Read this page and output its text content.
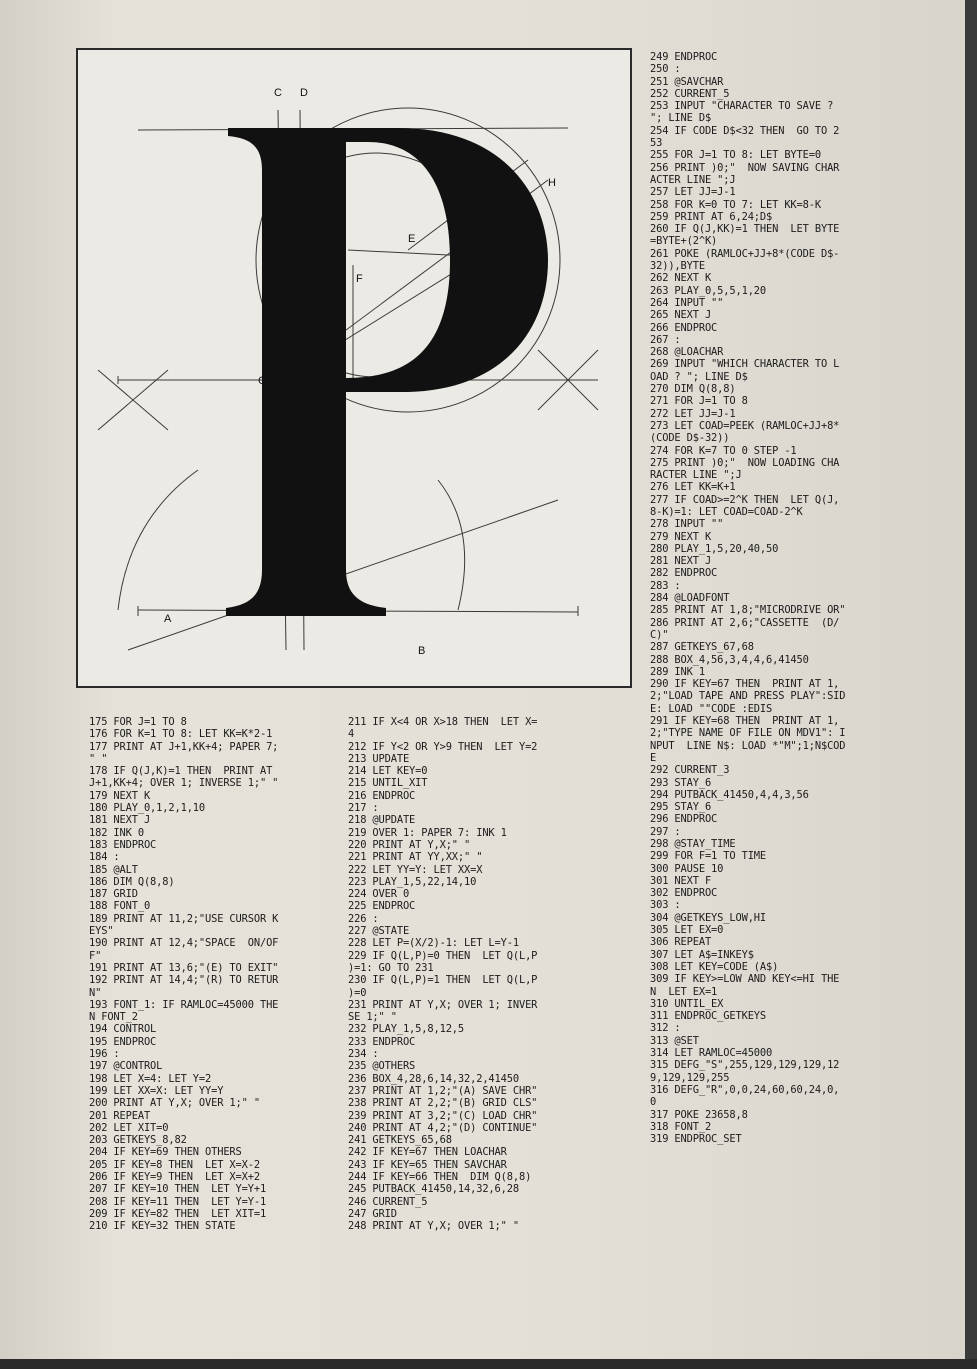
C D
E
F
G
H
A
B
175 FOR J=1 TO 8
176 FOR K=1 TO 8: LET KK=K*2-1
177 PRINT AT J+1,KK+4; PAPER 7;
" "
178 IF Q(J,K)=1 THEN  PRINT AT
J+1,KK+4; OVER 1; INVERSE 1;" "
179 NEXT K
180 PLAY_0,1,2,1,10
181 NEXT J
182 INK 0
183 ENDPROC
184 :
185 @ALT
186 DIM Q(8,8)
187 GRID
188 FONT_0
189 PRINT AT 11,2;"USE CURSOR K
EYS"
190 PRINT AT 12,4;"SPACE  ON/OF
F"
191 PRINT AT 13,6;"(E) TO EXIT"
192 PRINT AT 14,4;"(R) TO RETUR
N"
193 FONT_1: IF RAMLOC=45000 THE
N FONT_2
194 CONTROL
195 ENDPROC
196 :
197 @CONTROL
198 LET X=4: LET Y=2
199 LET XX=X: LET YY=Y
200 PRINT AT Y,X; OVER 1;" "
201 REPEAT
202 LET XIT=0
203 GETKEYS_8,82
204 IF KEY=69 THEN OTHERS
205 IF KEY=8 THEN  LET X=X-2
206 IF KEY=9 THEN  LET X=X+2
207 IF KEY=10 THEN  LET Y=Y+1
208 IF KEY=11 THEN  LET Y=Y-1
209 IF KEY=82 THEN  LET XIT=1
210 IF KEY=32 THEN STATE
211 IF X<4 OR X>18 THEN  LET X=
4
212 IF Y<2 OR Y>9 THEN  LET Y=2
213 UPDATE
214 LET KEY=0
215 UNTIL_XIT
216 ENDPROC
217 :
218 @UPDATE
219 OVER 1: PAPER 7: INK 1
220 PRINT AT Y,X;" "
221 PRINT AT YY,XX;" "
222 LET YY=Y: LET XX=X
223 PLAY_1,5,22,14,10
224 OVER 0
225 ENDPROC
226 :
227 @STATE
228 LET P=(X/2)-1: LET L=Y-1
229 IF Q(L,P)=0 THEN  LET Q(L,P
)=1: GO TO 231
230 IF Q(L,P)=1 THEN  LET Q(L,P
)=0
231 PRINT AT Y,X; OVER 1; INVER
SE 1;" "
232 PLAY_1,5,8,12,5
233 ENDPROC
234 :
235 @OTHERS
236 BOX_4,28,6,14,32,2,41450
237 PRINT AT 1,2;"(A) SAVE CHR"
238 PRINT AT 2,2;"(B) GRID CLS"
239 PRINT AT 3,2;"(C) LOAD CHR"
240 PRINT AT 4,2;"(D) CONTINUE"
241 GETKEYS_65,68
242 IF KEY=67 THEN LOACHAR
243 IF KEY=65 THEN SAVCHAR
244 IF KEY=66 THEN  DIM Q(8,8)
245 PUTBACK_41450,14,32,6,28
246 CURRENT_5
247 GRID
248 PRINT AT Y,X; OVER 1;" "
249 ENDPROC
250 :
251 @SAVCHAR
252 CURRENT_5
253 INPUT "CHARACTER TO SAVE ?
"; LINE D$
254 IF CODE D$<32 THEN  GO TO 2
53
255 FOR J=1 TO 8: LET BYTE=0
256 PRINT )0;"  NOW SAVING CHAR
ACTER LINE ";J
257 LET JJ=J-1
258 FOR K=0 TO 7: LET KK=8-K
259 PRINT AT 6,24;D$
260 IF Q(J,KK)=1 THEN  LET BYTE
=BYTE+(2^K)
261 POKE (RAMLOC+JJ+8*(CODE D$-
32)),BYTE
262 NEXT K
263 PLAY_0,5,5,1,20
264 INPUT ""
265 NEXT J
266 ENDPROC
267 :
268 @LOACHAR
269 INPUT "WHICH CHARACTER TO L
OAD ? "; LINE D$
270 DIM Q(8,8)
271 FOR J=1 TO 8
272 LET JJ=J-1
273 LET COAD=PEEK (RAMLOC+JJ+8*
(CODE D$-32))
274 FOR K=7 TO 0 STEP -1
275 PRINT )0;"  NOW LOADING CHA
RACTER LINE ";J
276 LET KK=K+1
277 IF COAD>=2^K THEN  LET Q(J,
8-K)=1: LET COAD=COAD-2^K
278 INPUT ""
279 NEXT K
280 PLAY_1,5,20,40,50
281 NEXT J
282 ENDPROC
283 :
284 @LOADFONT
285 PRINT AT 1,8;"MICRODRIVE OR"
286 PRINT AT 2,6;"CASSETTE  (D/
C)"
287 GETKEYS_67,68
288 BOX_4,56,3,4,4,6,41450
289 INK 1
290 IF KEY=67 THEN  PRINT AT 1,
2;"LOAD TAPE AND PRESS PLAY":SID
E: LOAD ""CODE :EDIS
291 IF KEY=68 THEN  PRINT AT 1,
2;"TYPE NAME OF FILE ON MDV1": I
NPUT  LINE N$: LOAD *"M";1;N$COD
E
292 CURRENT_3
293 STAY_6
294 PUTBACK_41450,4,4,3,56
295 STAY_6
296 ENDPROC
297 :
298 @STAY_TIME
299 FOR F=1 TO TIME
300 PAUSE 10
301 NEXT F
302 ENDPROC
303 :
304 @GETKEYS_LOW,HI
305 LET EX=0
306 REPEAT
307 LET A$=INKEY$
308 LET KEY=CODE (A$)
309 IF KEY>=LOW AND KEY<=HI THE
N  LET EX=1
310 UNTIL_EX
311 ENDPROC_GETKEYS
312 :
313 @SET
314 LET RAMLOC=45000
315 DEFG_"S",255,129,129,129,12
9,129,129,255
316 DEFG_"R",0,0,24,60,60,24,0,
0
317 POKE 23658,8
318 FONT_2
319 ENDPROC_SET
